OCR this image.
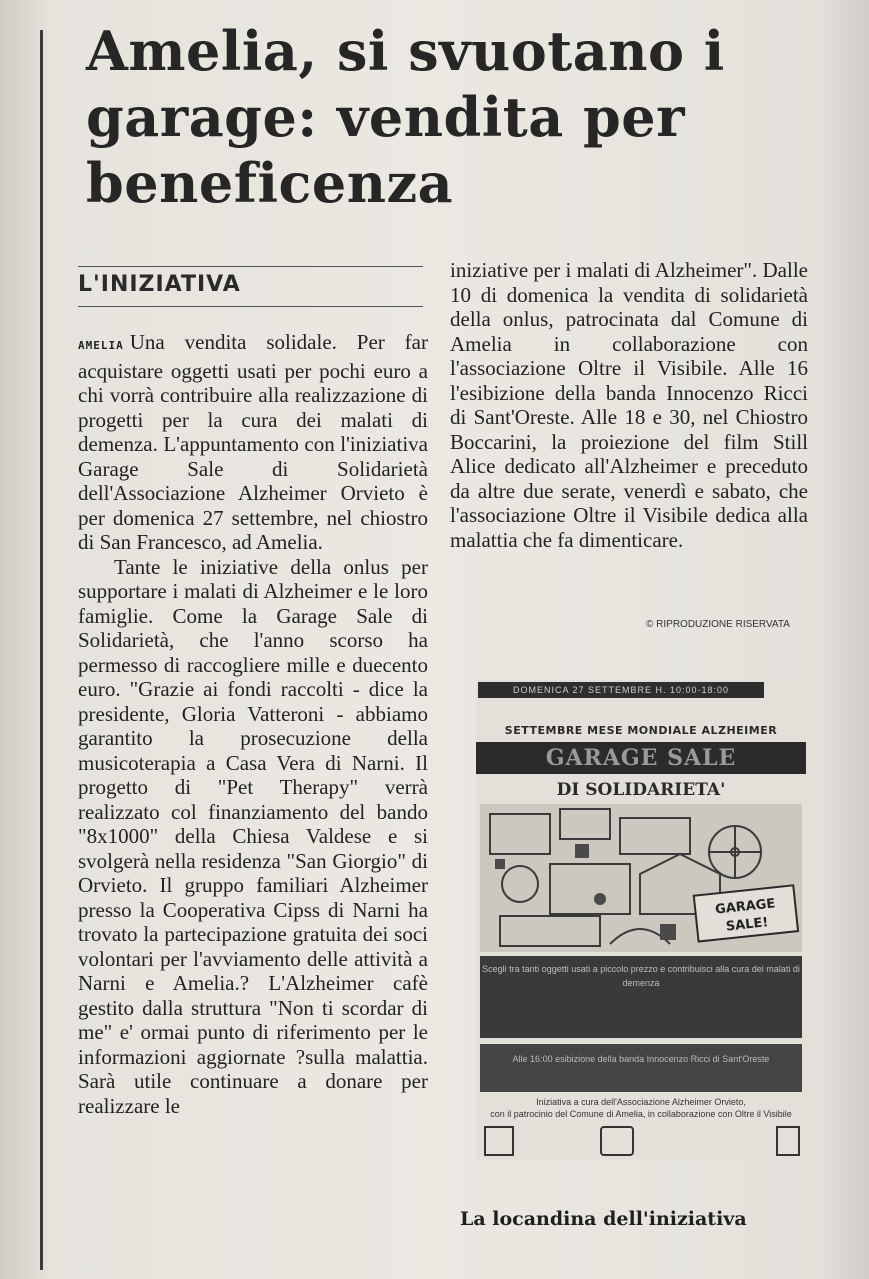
Amelia, si svuotano i garage: vendita per beneficenza
L'INIZIATIVA

AMELIA Una vendita solidale. Per far acquistare oggetti usati per pochi euro a chi vorrà contribuire alla realizzazione di progetti per la cura dei malati di demenza. L'appuntamento con l'iniziativa Garage Sale di Solidarietà dell'Associazione Alzheimer Orvieto è per domenica 27 settembre, nel chiostro di San Francesco, ad Amelia.

Tante le iniziative della onlus per supportare i malati di Alzheimer e le loro famiglie. Come la Garage Sale di Solidarietà, che l'anno scorso ha permesso di raccogliere mille e duecento euro. "Grazie ai fondi raccolti - dice la presidente, Gloria Vatteroni - abbiamo garantito la prosecuzione della musicoterapia a Casa Vera di Narni. Il progetto di "Pet Therapy" verrà realizzato col finanziamento del bando "8x1000" della Chiesa Valdese e si svolgerà nella residenza "San Giorgio" di Orvieto. Il gruppo familiari Alzheimer presso la Cooperativa Cipss di Narni ha trovato la partecipazione gratuita dei soci volontari per l'avviamento delle attività a Narni e Amelia.? L'Alzheimer cafè gestito dalla struttura "Non ti scordar di me" e' ormai punto di riferimento per le informazioni aggiornate ?sulla malattia. Sarà utile continuare a donare per realizzare le

iniziative per i malati di Alzheimer". Dalle 10 di domenica la vendita di solidarietà della onlus, patrocinata dal Comune di Amelia in collaborazione con l'associazione Oltre il Visibile. Alle 16 l'esibizione della banda Innocenzo Ricci di Sant'Oreste. Alle 18 e 30, nel Chiostro Boccarini, la proiezione del film Still Alice dedicato all'Alzheimer e preceduto da altre due serate, venerdì e sabato, che l'associazione Oltre il Visibile dedica alla malattia che fa dimenticare.

© RIPRODUZIONE RISERVATA
DOMENICA 27 SETTEMBRE H. 10:00-18:00
SETTEMBRE MESE MONDIALE ALZHEIMER
GARAGE SALE
DI SOLIDARIETA'
GARAGE
SALE!
Scegli tra tanti oggetti usati a piccolo prezzo e contribuisci alla cura dei malati di demenza
Alle 16:00 esibizione della banda Innocenzo Ricci di Sant'Oreste
Iniziativa a cura dell'Associazione Alzheimer Orvieto,
con il patrocinio del Comune di Amelia, in collaborazione con Oltre il Visibile
La locandina dell'iniziativa
